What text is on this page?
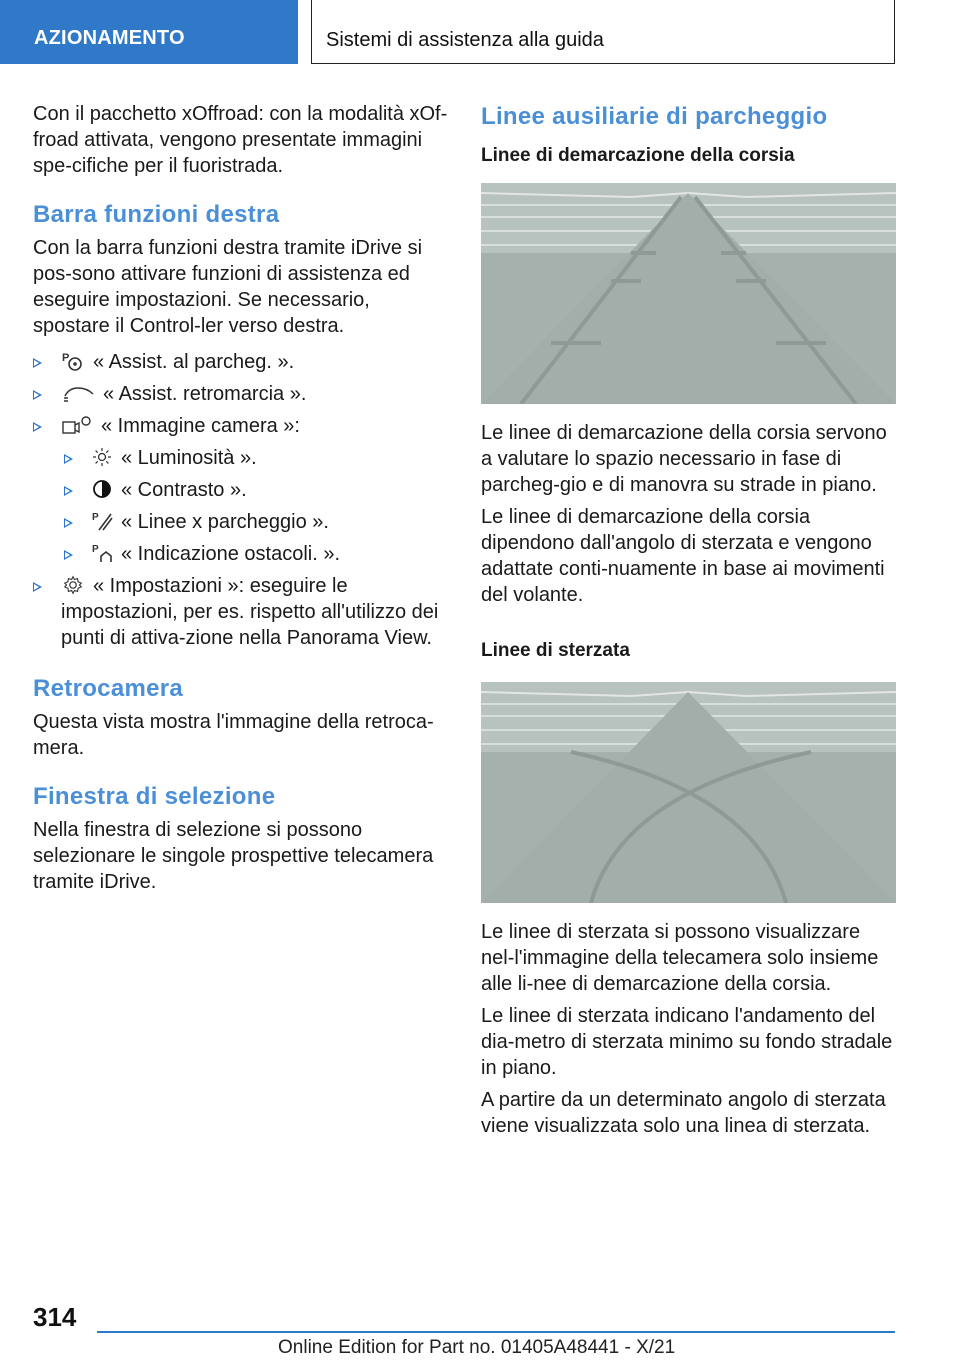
AZIONAMENTO	Sistemi di assistenza alla guida

Con il pacchetto xOffroad: con la modalità xOf-froad attivata, vengono presentate immagini spe-cifiche per il fuoristrada.

Barra funzioni destra

Con la barra funzioni destra tramite iDrive si pos-sono attivare funzioni di assistenza ed eseguire impostazioni. Se necessario, spostare il Control-ler verso destra.

P « Assist. al parcheg. ».
« Assist. retromarcia ».
« Immagine camera »:
« Luminosità ».
« Contrasto ».
P « Linee x parcheggio ».
P « Indicazione ostacoli. ».
« Impostazioni »: eseguire le impostazioni, per es. rispetto all'utilizzo dei punti di attiva-zione nella Panorama View.
Retrocamera

Questa vista mostra l'immagine della retroca-mera.

Finestra di selezione

Nella finestra di selezione si possono selezionare le singole prospettive telecamera tramite iDrive.

Linee ausiliarie di parcheggio
Linee di demarcazione della corsia

Le linee di demarcazione della corsia servono a valutare lo spazio necessario in fase di parcheg-gio e di manovra su strade in piano.

Le linee di demarcazione della corsia dipendono dall'angolo di sterzata e vengono adattate conti-nuamente in base ai movimenti del volante.

Linee di sterzata

Le linee di sterzata si possono visualizzare nel-l'immagine della telecamera solo insieme alle li-nee di demarcazione della corsia.

Le linee di sterzata indicano l'andamento del dia-metro di sterzata minimo su fondo stradale in piano.

A partire da un determinato angolo di sterzata viene visualizzata solo una linea di sterzata.

314
Online Edition for Part no. 01405A48441 - X/21
